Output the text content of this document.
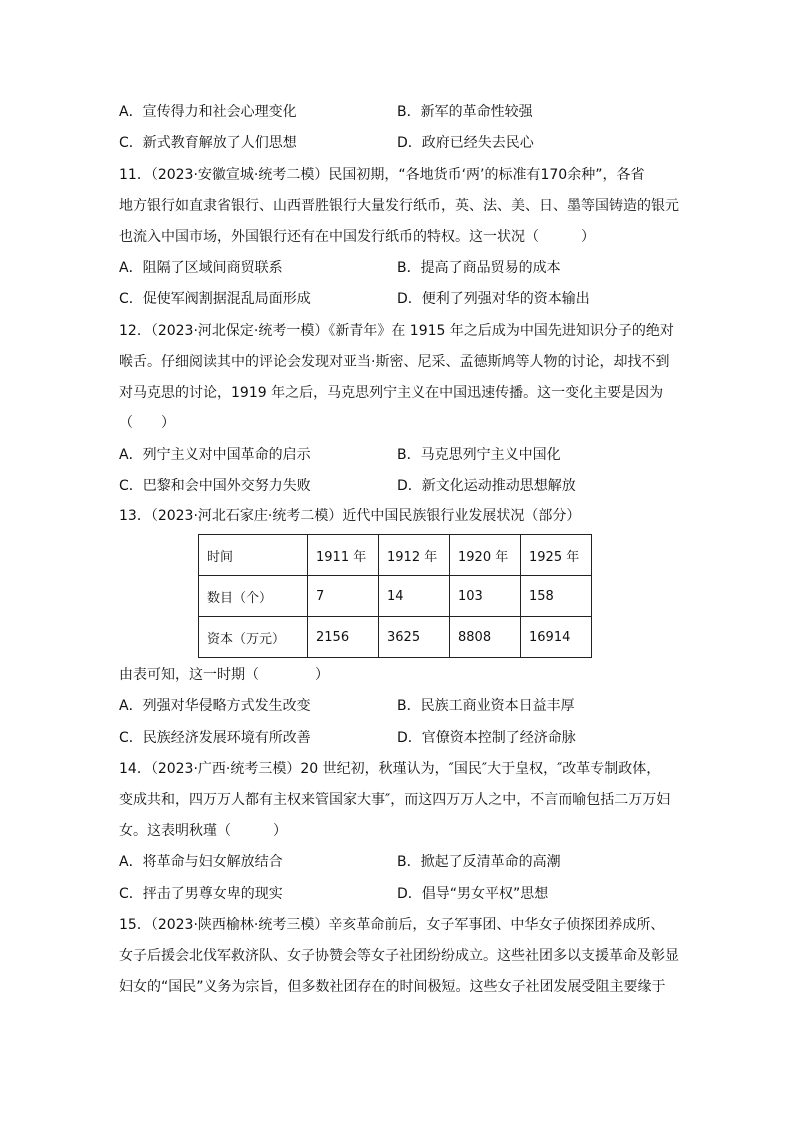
A．宣传得力和社会心理变化	B．新军的革命性较强
C．新式教育解放了人们思想	D．政府已经失去民心
11．（2023·安徽宣城·统考二模）民国初期，“各地货币‘两’的标准有170余种”，各省
地方银行如直隶省银行、山西晋胜银行大量发行纸币，英、法、美、日、墨等国铸造的银元
也流入中国市场，外国银行还有在中国发行纸币的特权。这一状况（　　　）
A．阻隔了区域间商贸联系	B．提高了商品贸易的成本
C．促使军阀割据混乱局面形成	D．便利了列强对华的资本输出
12．（2023·河北保定·统考一模）《新青年》在 1915 年之后成为中国先进知识分子的绝对
喉舌。仔细阅读其中的评论会发现对亚当·斯密、尼采、孟德斯鸠等人物的讨论，却找不到
对马克思的讨论，1919 年之后，马克思列宁主义在中国迅速传播。这一变化主要是因为
（　　）
A．列宁主义对中国革命的启示	B．马克思列宁主义中国化
C．巴黎和会中国外交努力失败	D．新文化运动推动思想解放
13．（2023·河北石家庄·统考二模）近代中国民族银行业发展状况（部分）
时间	1911 年	1912 年	1920 年	1925 年
数目（个）	7	14	103	158
资本（万元）	2156	3625	8808	16914
由表可知，这一时期（　　　　）
A．列强对华侵略方式发生改变	B．民族工商业资本日益丰厚
C．民族经济发展环境有所改善	D．官僚资本控制了经济命脉
14．（2023·广西·统考三模）20 世纪初，秋瑾认为，″国民″大于皇权，″改革专制政体，
变成共和，四万万人都有主权来管国家大事″，而这四万万人之中，不言而喻包括二万万妇
女。这表明秋瑾（　　　）
A．将革命与妇女解放结合	B．掀起了反清革命的高潮
C．抨击了男尊女卑的现实	D．倡导“男女平权”思想
15．（2023·陕西榆林·统考三模）辛亥革命前后，女子军事团、中华女子侦探团养成所、
女子后援会北伐军救济队、女子协赞会等女子社团纷纷成立。这些社团多以支援革命及彰显
妇女的“国民”义务为宗旨，但多数社团存在的时间极短。这些女子社团发展受阻主要缘于
